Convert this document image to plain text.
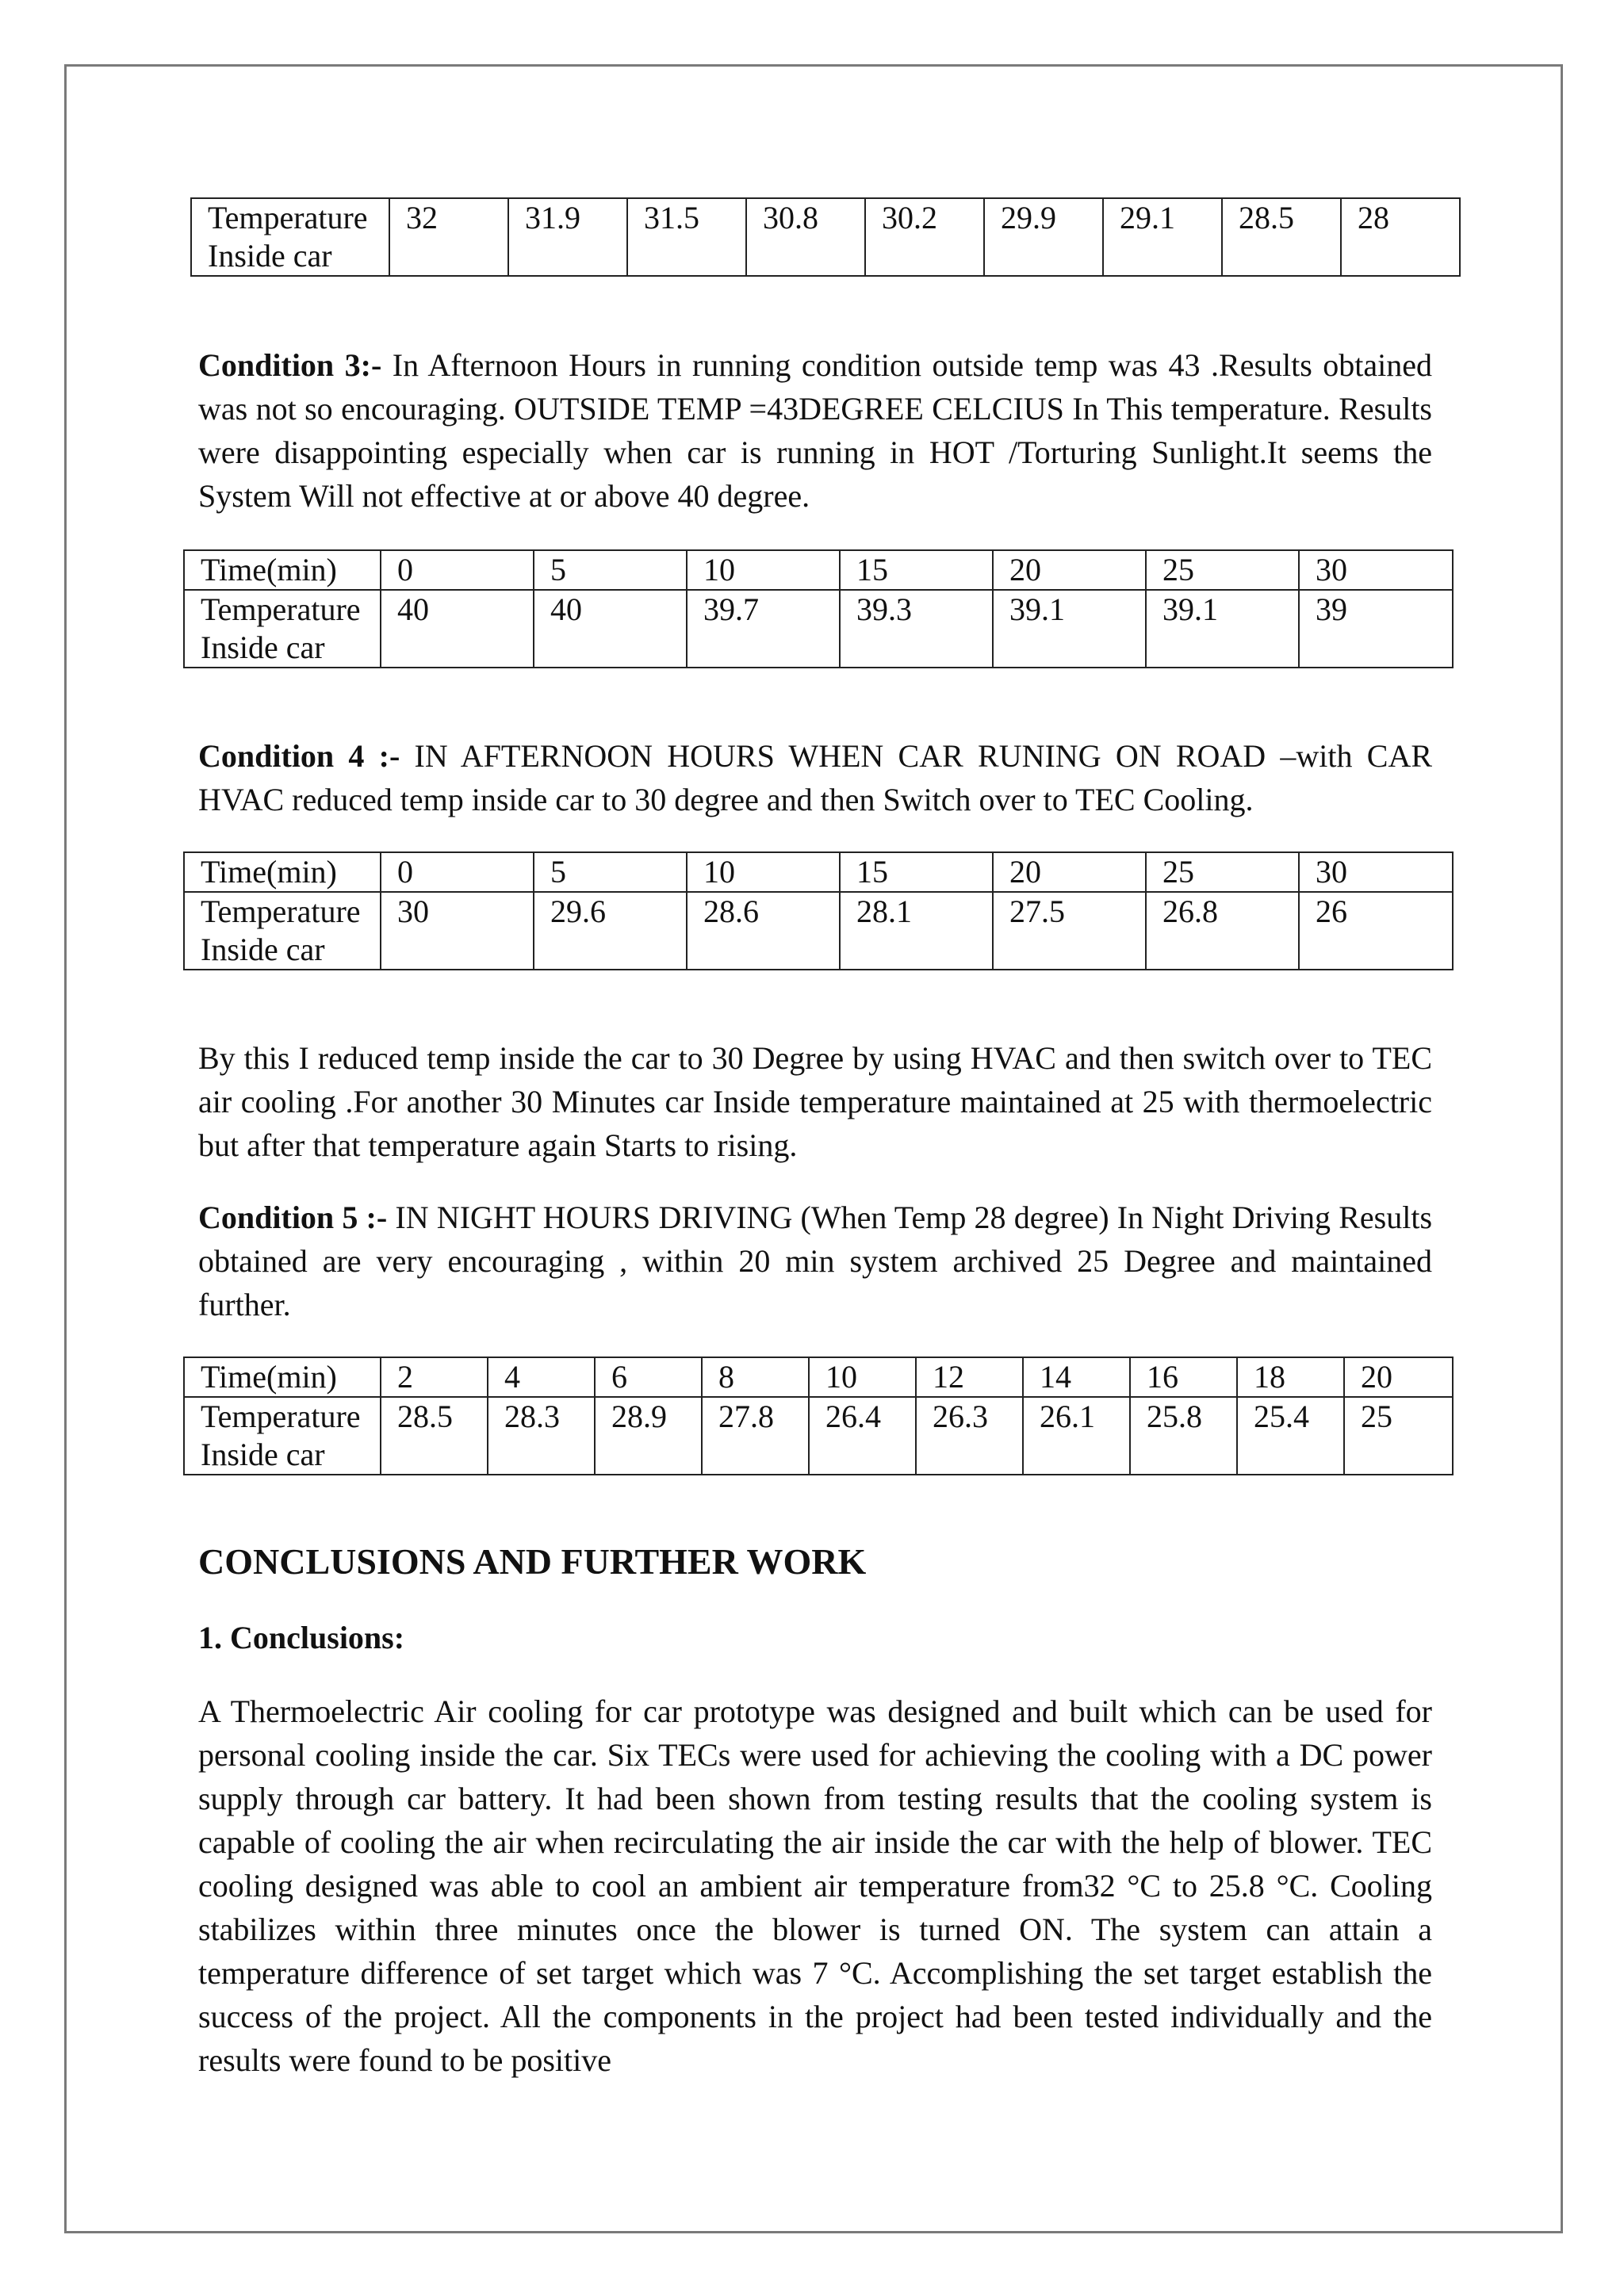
Temperature Inside car	32	31.9	31.5	30.8	30.2	29.9	29.1	28.5	28

Condition 3:- In Afternoon Hours in running condition outside temp was 43 .Results obtained was not so encouraging. OUTSIDE TEMP =43DEGREE CELCIUS In This temperature. Results were disappointing especially when car is running in HOT /Torturing Sunlight.It seems the System Will not effective at or above 40 degree.

Time(min)	0	5	10	15	20	25	30
Temperature Inside car	40	40	39.7	39.3	39.1	39.1	39

Condition 4 :- IN AFTERNOON HOURS WHEN CAR RUNING ON ROAD –with CAR HVAC reduced temp inside car to 30 degree and then Switch over to TEC Cooling.

Time(min)	0	5	10	15	20	25	30
Temperature Inside car	30	29.6	28.6	28.1	27.5	26.8	26

By this I reduced temp inside the car to 30 Degree by using HVAC and then switch over to TEC air cooling .For another 30 Minutes car Inside temperature maintained at 25 with thermoelectric but after that temperature again Starts to rising.

Condition 5 :- IN NIGHT HOURS DRIVING (When Temp 28 degree) In Night Driving Results obtained are very encouraging , within 20 min system archived 25 Degree and maintained further.

Time(min)	2	4	6	8	10	12	14	16	18	20
Temperature Inside car	28.5	28.3	28.9	27.8	26.4	26.3	26.1	25.8	25.4	25
CONCLUSIONS AND FURTHER WORK
1. Conclusions:

A Thermoelectric Air cooling for car prototype was designed and built which can be used for personal cooling inside the car. Six TECs were used for achieving the cooling with a DC power supply through car battery. It had been shown from testing results that the cooling system is capable of cooling the air when recirculating the air inside the car with the help of blower. TEC cooling designed was able to cool an ambient air temperature from32 °C to 25.8 °C. Cooling stabilizes within three minutes once the blower is turned ON. The system can attain a temperature difference of set target which was 7 °C. Accomplishing the set target establish the success of the project. All the components in the project had been tested individually and the results were found to be positive
